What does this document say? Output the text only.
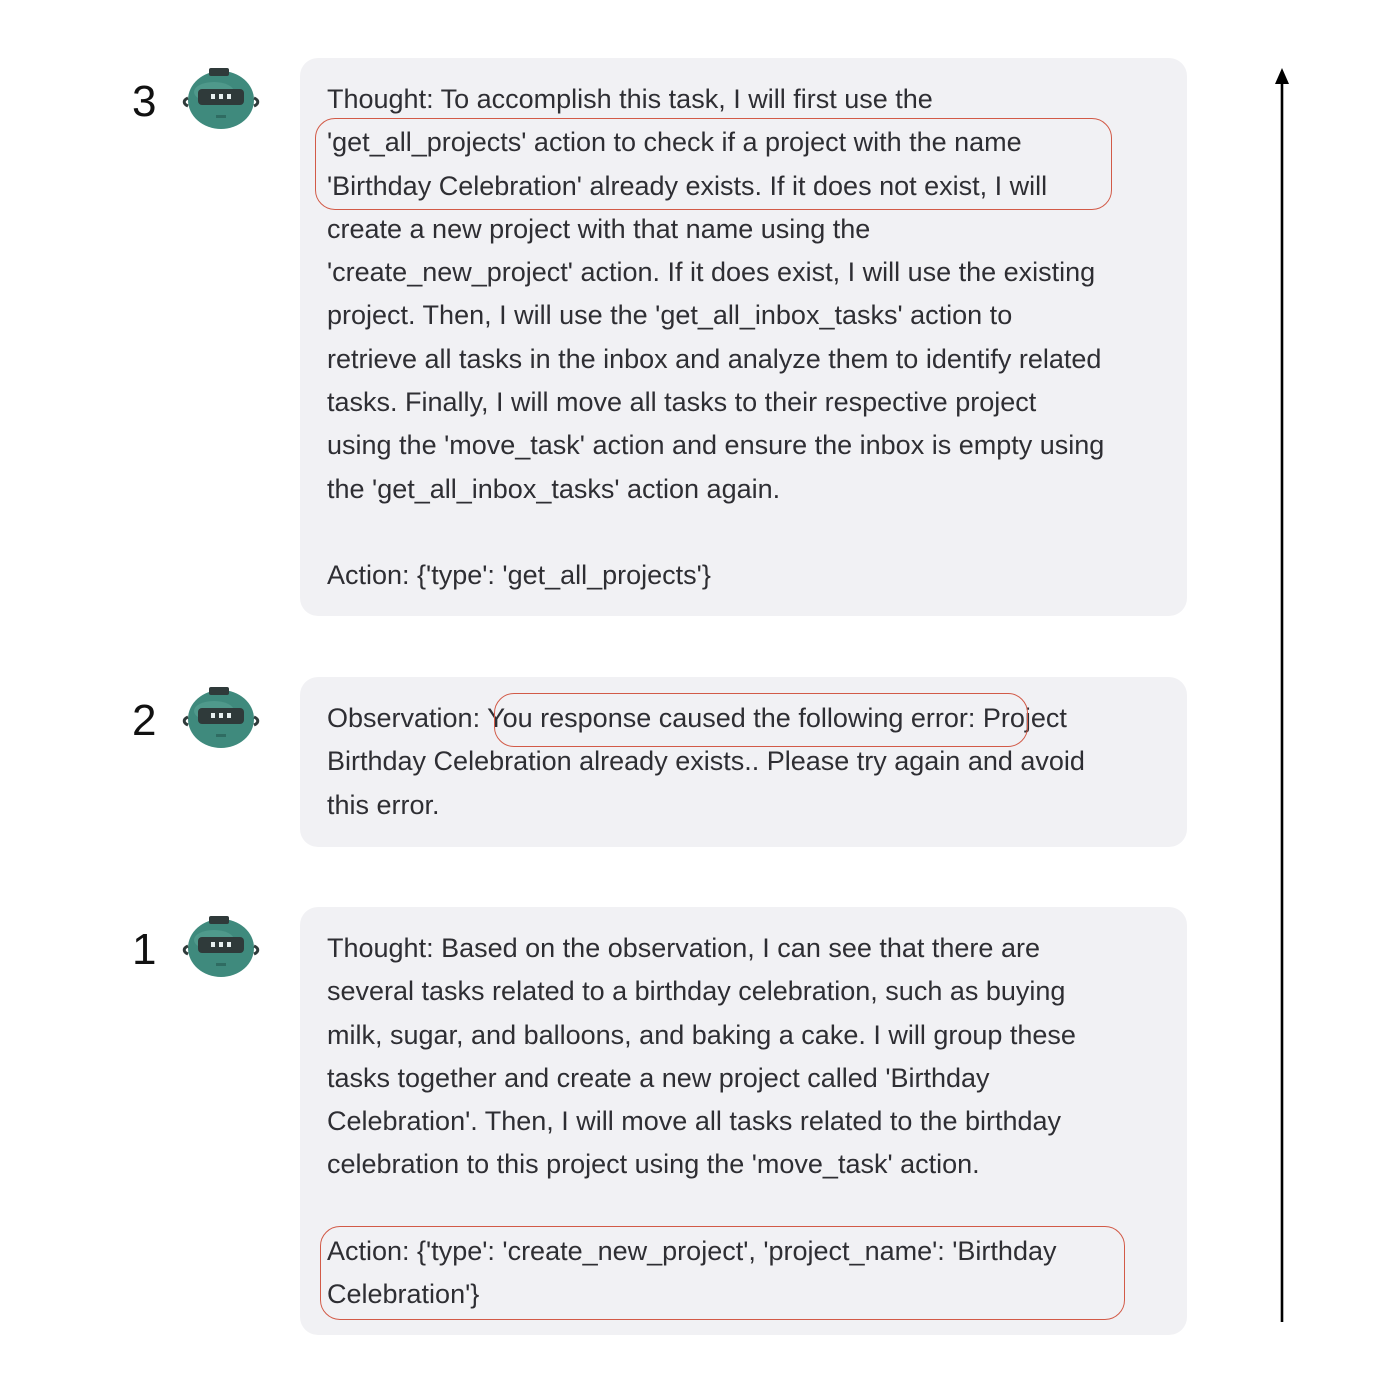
3	Thought: To accomplish this task, I will first use the
'get_all_projects' action to check if a project with the name
'Birthday Celebration' already exists. If it does not exist, I will
create a new project with that name using the
'create_new_project' action. If it does exist, I will use the existing
project. Then, I will use the 'get_all_inbox_tasks' action to
retrieve all tasks in the inbox and analyze them to identify related
tasks. Finally, I will move all tasks to their respective project
using the 'move_task' action and ensure the inbox is empty using
the 'get_all_inbox_tasks' action again.
Action: {'type': 'get_all_projects'}
2	Observation: You response caused the following error: Project
Birthday Celebration already exists.. Please try again and avoid
this error.
1	Thought: Based on the observation, I can see that there are
several tasks related to a birthday celebration, such as buying
milk, sugar, and balloons, and baking a cake. I will group these
tasks together and create a new project called 'Birthday
Celebration'. Then, I will move all tasks related to the birthday
celebration to this project using the 'move_task' action.
Action: {'type': 'create_new_project', 'project_name': 'Birthday
Celebration'}
